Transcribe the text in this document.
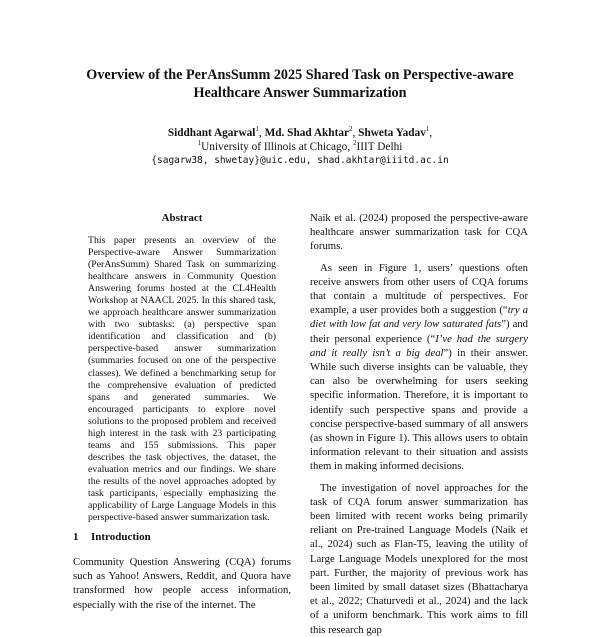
Overview of the PerAnsSumm 2025 Shared Task on Perspective-aware Healthcare Answer Summarization
Siddhant Agarwal$^1$, Md. Shad Akhtar$^2$, Shweta Yadav$^1$,
$^1$University of Illinois at Chicago, $^2$IIIT Delhi
{sagarw38, shwetay}@uic.edu, shad.akhtar@iiitd.ac.in
Abstract
This paper presents an overview of the Perspective-aware Answer Summarization (PerAnsSumm) Shared Task on summarizing healthcare answers in Community Question Answering forums hosted at the CL4Health Workshop at NAACL 2025. In this shared task, we approach healthcare answer summarization with two subtasks: (a) perspective span identification and classification and (b) perspective-based answer summarization (summaries focused on one of the perspective classes). We defined a benchmarking setup for the comprehensive evaluation of predicted spans and generated summaries. We encouraged participants to explore novel solutions to the proposed problem and received high interest in the task with 23 participating teams and 155 submissions. This paper describes the task objectives, the dataset, the evaluation metrics and our findings. We share the results of the novel approaches adopted by task participants, especially emphasizing the applicability of Large Language Models in this perspective-based answer summarization task.
1 Introduction
Community Question Answering (CQA) forums such as Yahoo! Answers, Reddit, and Quora have transformed how people access information, especially with the rise of the internet. The

Naik et al. (2024) proposed the perspective-aware healthcare answer summarization task for CQA forums.

As seen in Figure 1, users’ questions often receive answers from other users of CQA forums that contain a multitude of perspectives. For example, a user provides both a suggestion (“try a diet with low fat and very low saturated fats”) and their personal experience (“I’ve had the surgery and it really isn’t a big deal”) in their answer. While such diverse insights can be valuable, they can also be overwhelming for users seeking specific information. Therefore, it is important to identify such perspective spans and provide a concise perspective-based summary of all answers (as shown in Figure 1). This allows users to obtain information relevant to their situation and assists them in making informed decisions.

The investigation of novel approaches for the task of CQA forum answer summarization has been limited with recent works being primarily reliant on Pre-trained Language Models (Naik et al., 2024) such as Flan-T5, leaving the utility of Large Language Models unexplored for the most part. Further, the majority of previous work has been limited by small dataset sizes (Bhattacharya et al., 2022; Chaturvedi et al., 2024) and the lack of a uniform benchmark. This work aims to fill this research gap
